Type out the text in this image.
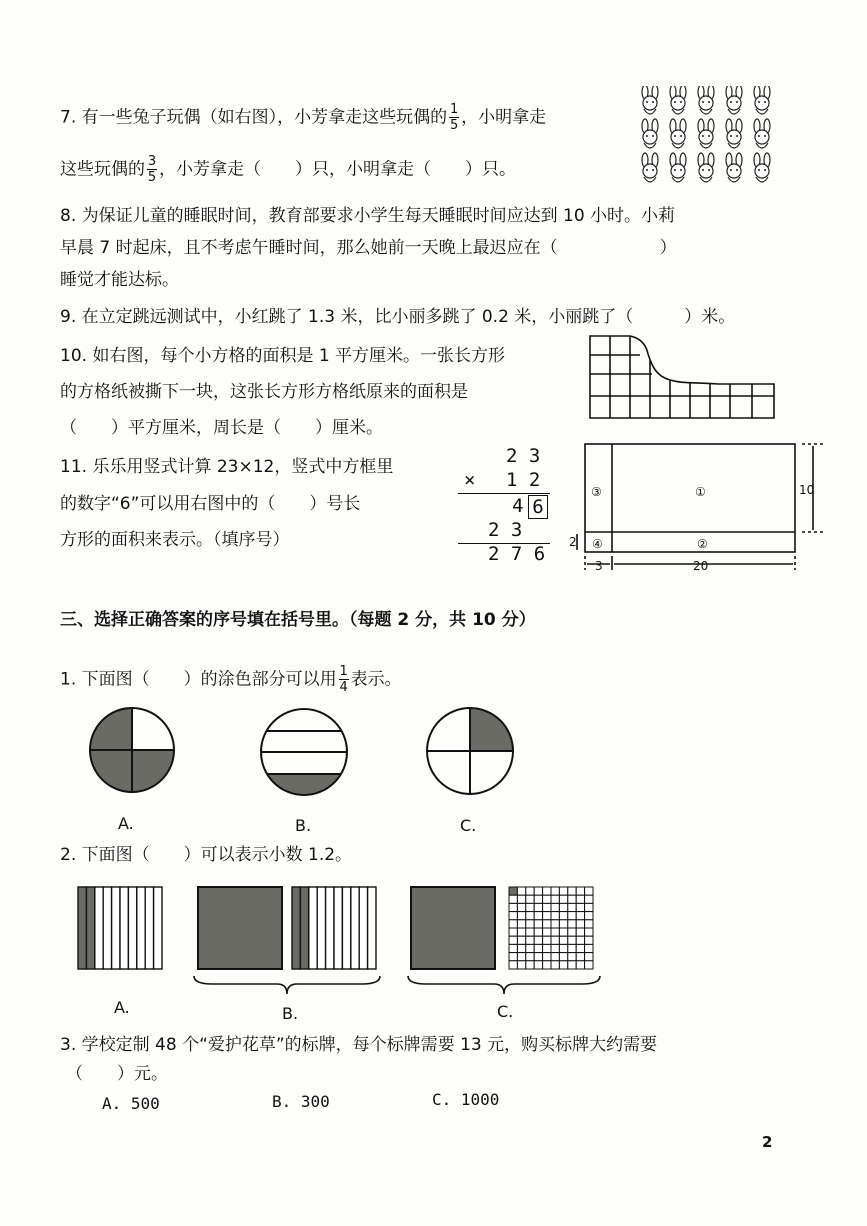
7. 有一些兔子玩偶（如右图），小芳拿走这些玩偶的 $\frac{1}{5}$ ，小明拿走
这些玩偶的 $\frac{3}{5}$ ，小芳拿走（　　）只，小明拿走（　　）只。
8. 为保证儿童的睡眠时间，教育部要求小学生每天睡眠时间应达到 10 小时。小莉
早晨 7 时起床，且不考虑午睡时间，那么她前一天晚上最迟应在（　　　　　　）
睡觉才能达标。
9. 在立定跳远测试中，小红跳了 1.3 米，比小丽多跳了 0.2 米，小丽跳了（　　　）米。
10. 如右图，每个小方格的面积是 1 平方厘米。一张长方形
的方格纸被撕下一块，这张长方形方格纸原来的面积是
（　　）平方厘米，周长是（　　）厘米。
11. 乐乐用竖式计算 23×12，竖式中方框里
的数字“6”可以用右图中的（　　）号长
方形的面积来表示。（填序号）
2 3
× 1 2
4 6
2 3
2 7 6
①
③
④	②
10
20
3
2
三、选择正确答案的序号填在括号里。（每题 2 分，共 10 分）
1. 下面图（　　）的涂色部分可以用 $\frac{1}{4}$ 表示。
A.	B.	C.
2. 下面图（　　）可以表示小数 1.2。
A.	B.	C.
3. 学校定制 48 个“爱护花草”的标牌，每个标牌需要 13 元，购买标牌大约需要
（　　）元。
A. 500	B. 300	C. 1000
2
